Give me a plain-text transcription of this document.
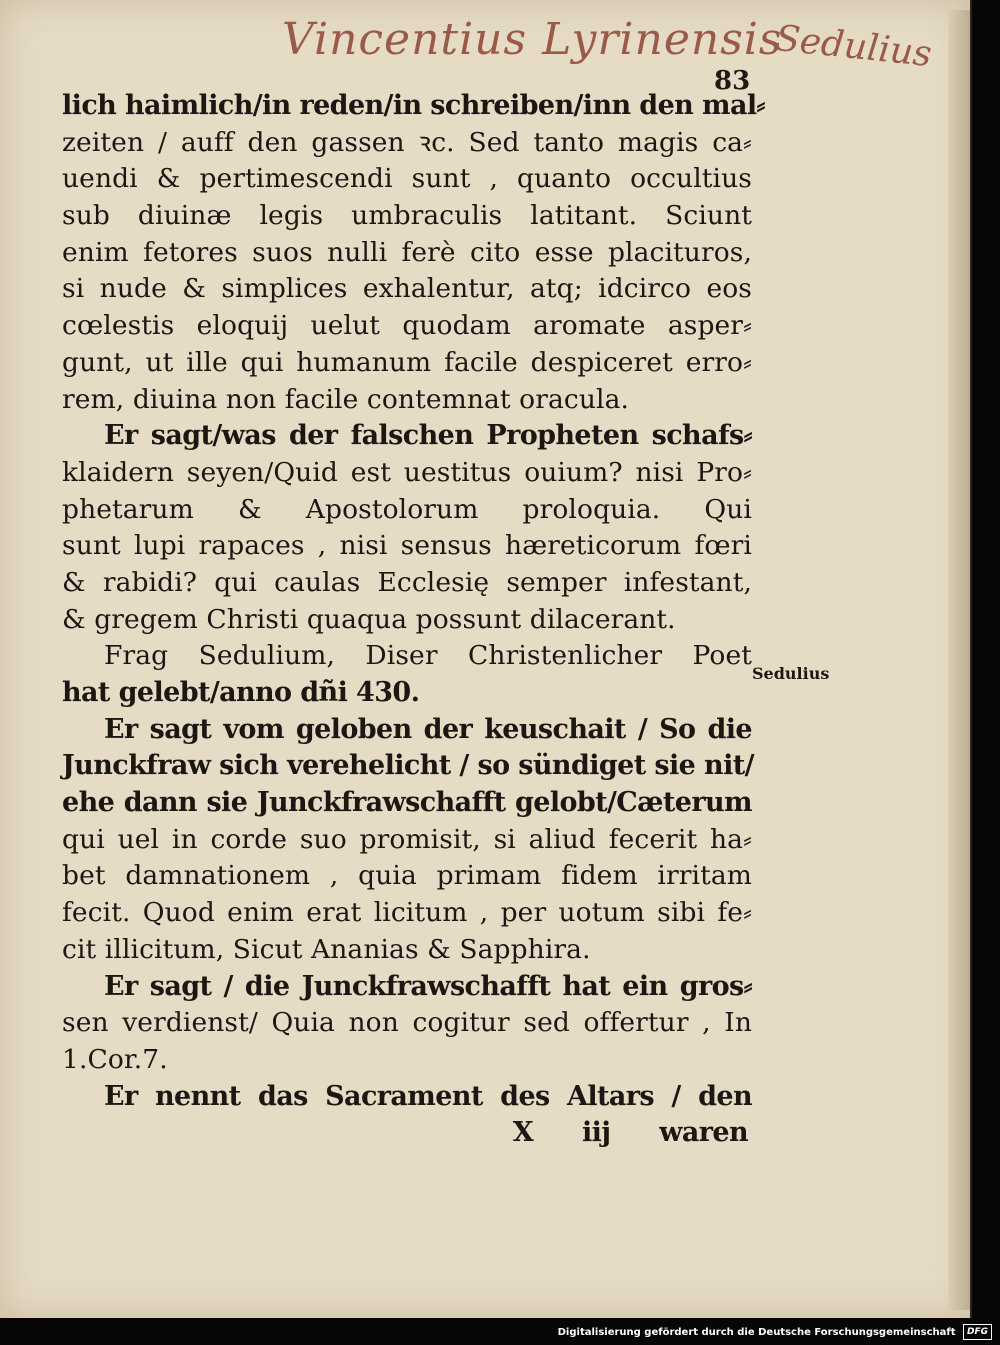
Vincentius Lyrinensis
Sedulius
83
lich haimlich/in reden/in schreiben/inn den mal⸗
zeiten / auff den gassen ꝛc. Sed tanto magis ca⸗
uendi & pertimescendi sunt , quanto occultius
sub diuinæ legis umbraculis latitant. Sciunt
enim fetores suos nulli ferè cito esse placituros,
si nude & simplices exhalentur, atq; idcirco eos
cœlestis eloquij uelut quodam aromate asper⸗
gunt, ut ille qui humanum facile despiceret erro⸗
rem, diuina non facile contemnat oracula.
Er sagt/was der falschen Propheten schafs⸗
klaidern seyen/Quid est uestitus ouium? nisi Pro⸗
phetarum & Apostolorum proloquia. Qui
sunt lupi rapaces , nisi sensus hæreticorum fœri
& rabidi? qui caulas Ecclesię semper infestant,
& gregem Christi quaqua possunt dilacerant.
Frag Sedulium, Diser Christenlicher Poet
hat gelebt/anno dñi 430.
Er sagt vom geloben der keuschait / So die
Junckfraw sich verehelicht / so sündiget sie nit/
ehe dann sie Junckfrawschafft gelobt/Cæterum
qui uel in corde suo promisit, si aliud fecerit ha⸗
bet damnationem , quia primam fidem irritam
fecit. Quod enim erat licitum , per uotum sibi fe⸗
cit illicitum, Sicut Ananias & Sapphira.
Er sagt / die Junckfrawschafft hat ein gros⸗
sen verdienst/ Quia non cogitur sed offertur , In
1.Cor.7.
Er nennt das Sacrament des Altars / den
X iij waren
Sedulius
Digitalisierung gefördert durch die Deutsche Forschungsgemeinschaft DFG
